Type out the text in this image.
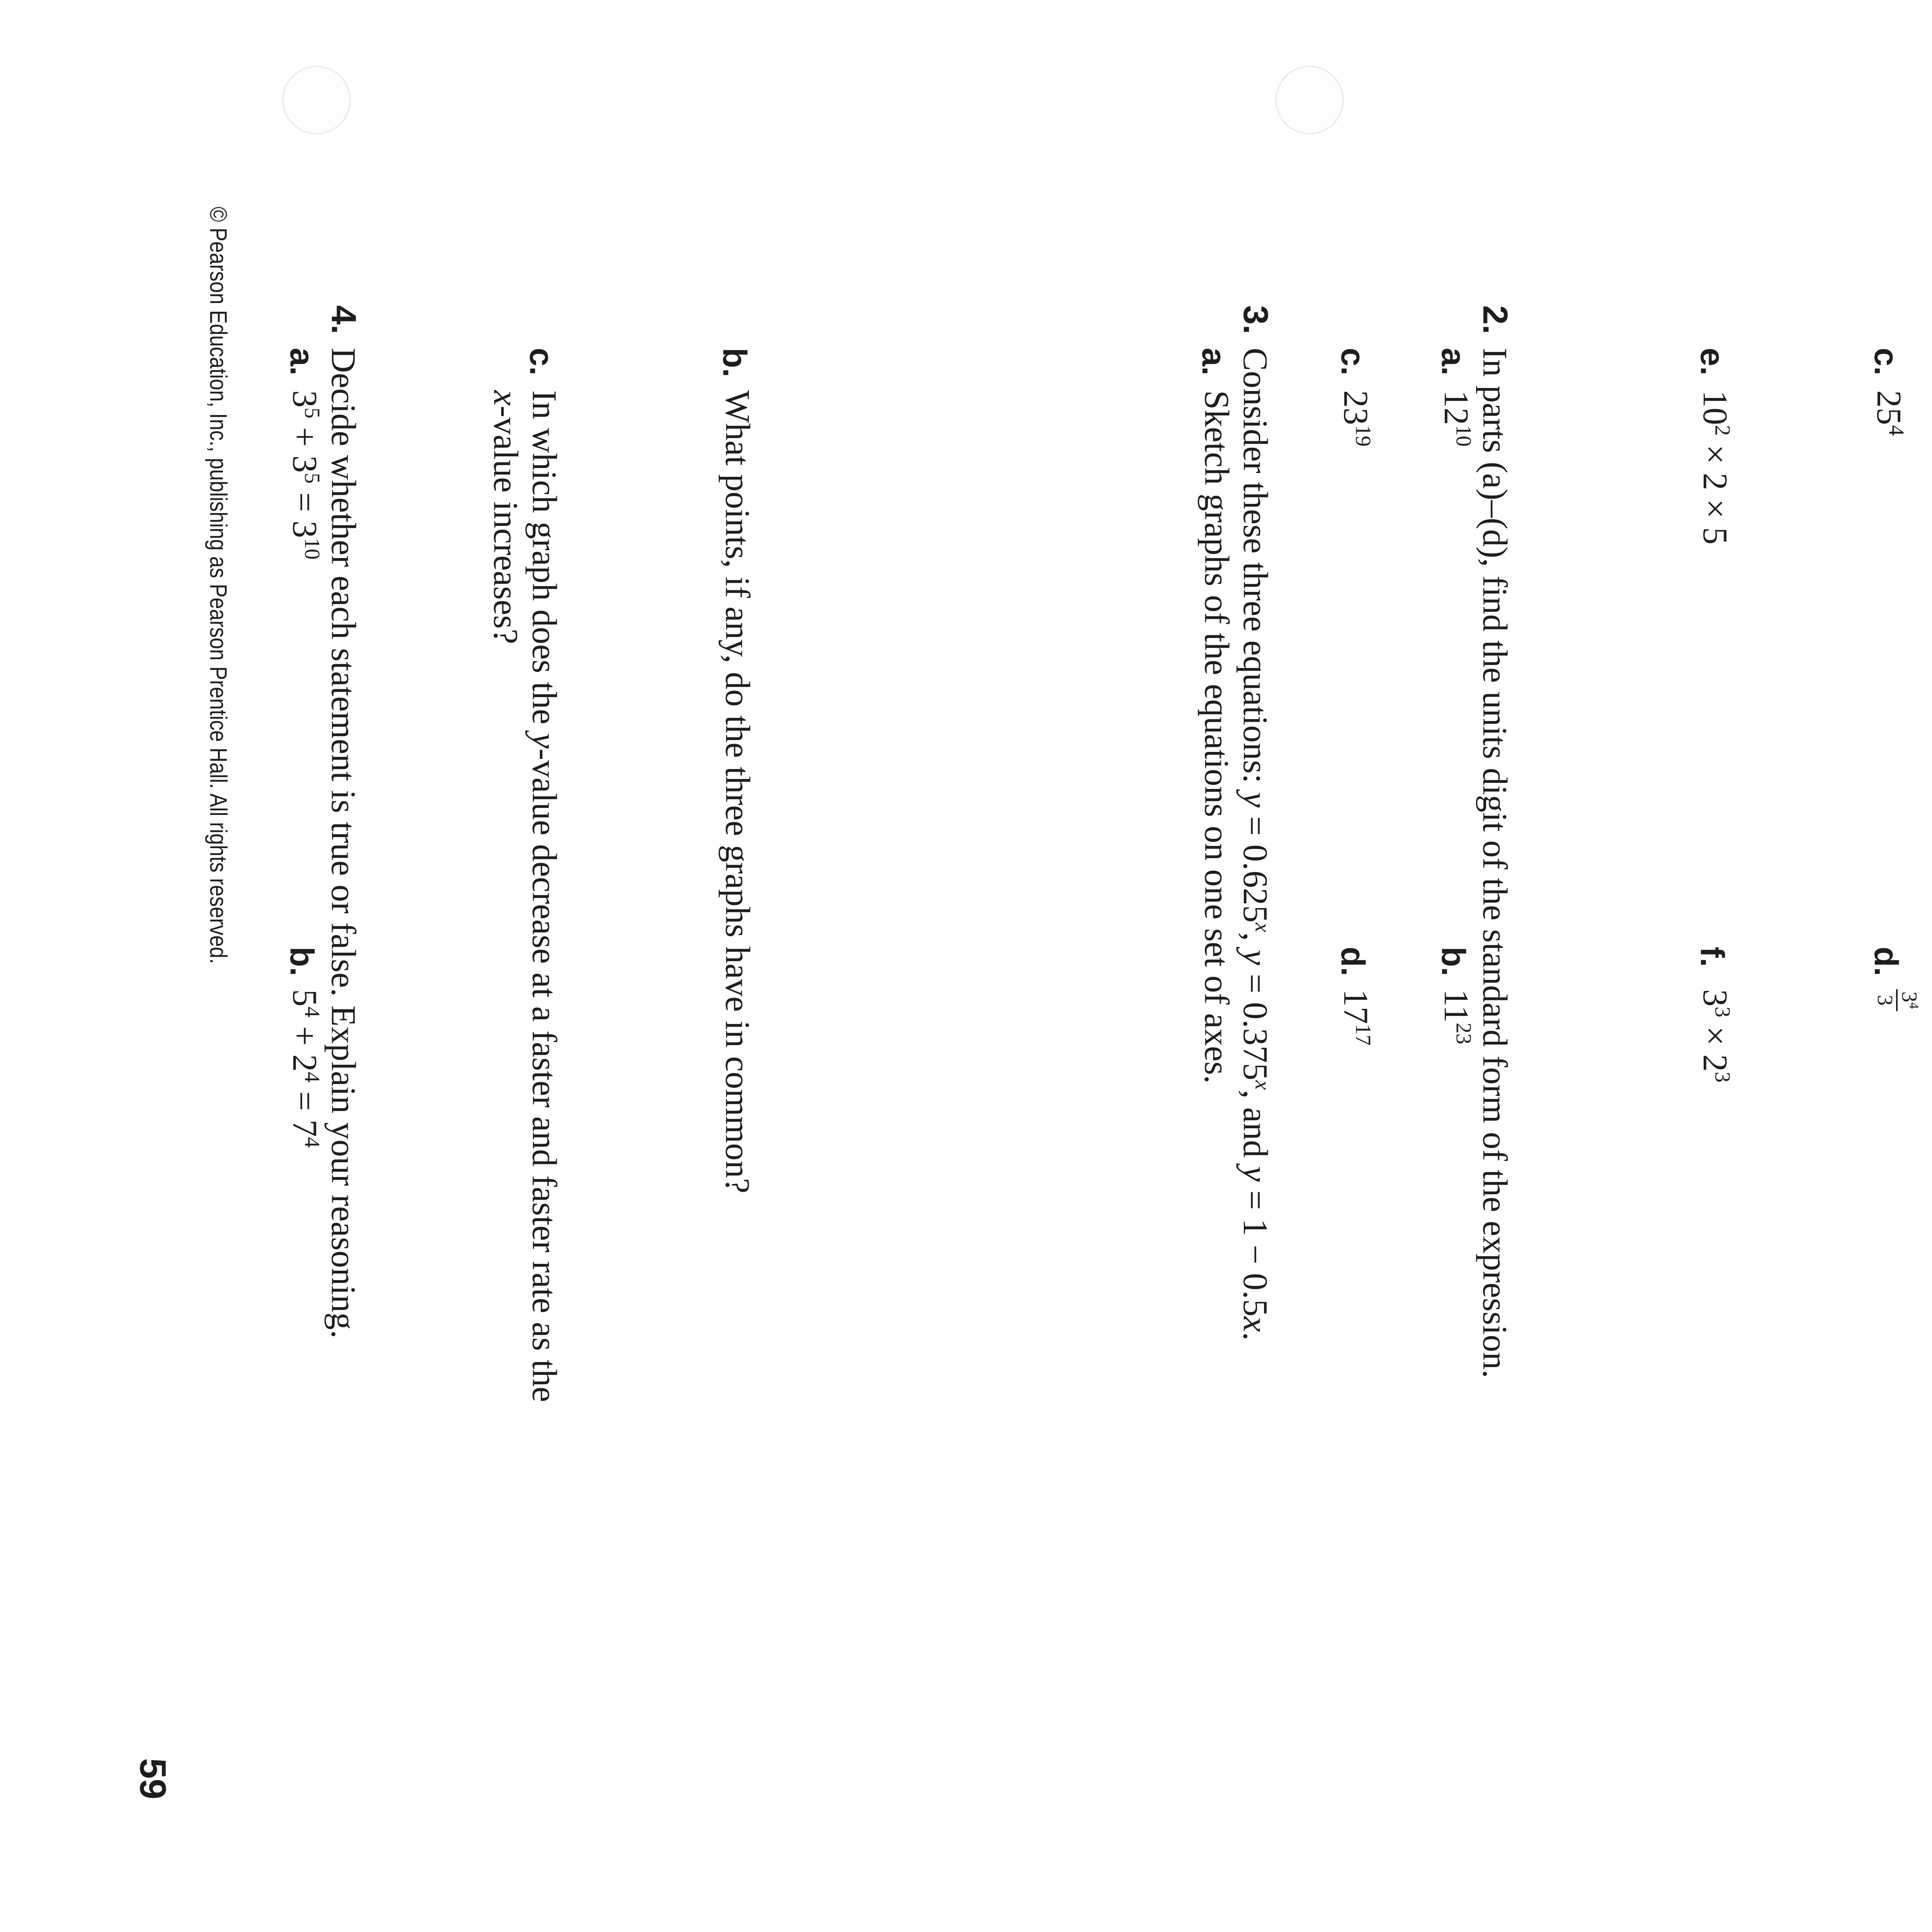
c.
$25^4$
d.
$3^4$
3
e.
$10^2 \times 2 \times 5$
f.
$3^3 \times 2^3$
2.
In parts (a)–(d), find the units digit of the standard form of the expression.
a.
$12^{10}$
b.
$11^{23}$
c.
$23^{19}$
d.
$17^{17}$
3.
Consider these three equations: $y = 0.625^x$, $y = 0.375^x$, and y = 1 − 0.5x.
a.
Sketch graphs of the equations on one set of axes.
b.
What points, if any, do the three graphs have in common?
c.
In which graph does the y-value decrease at a faster and faster rate as the
x-value increases?
4.
Decide whether each statement is true or false. Explain your reasoning.
a.
$3^5 + 3^5 = 3^{10}$
b.
$5^4 + 2^4 = 7^4$
© Pearson Education, Inc., publishing as Pearson Prentice Hall. All rights reserved.
59
